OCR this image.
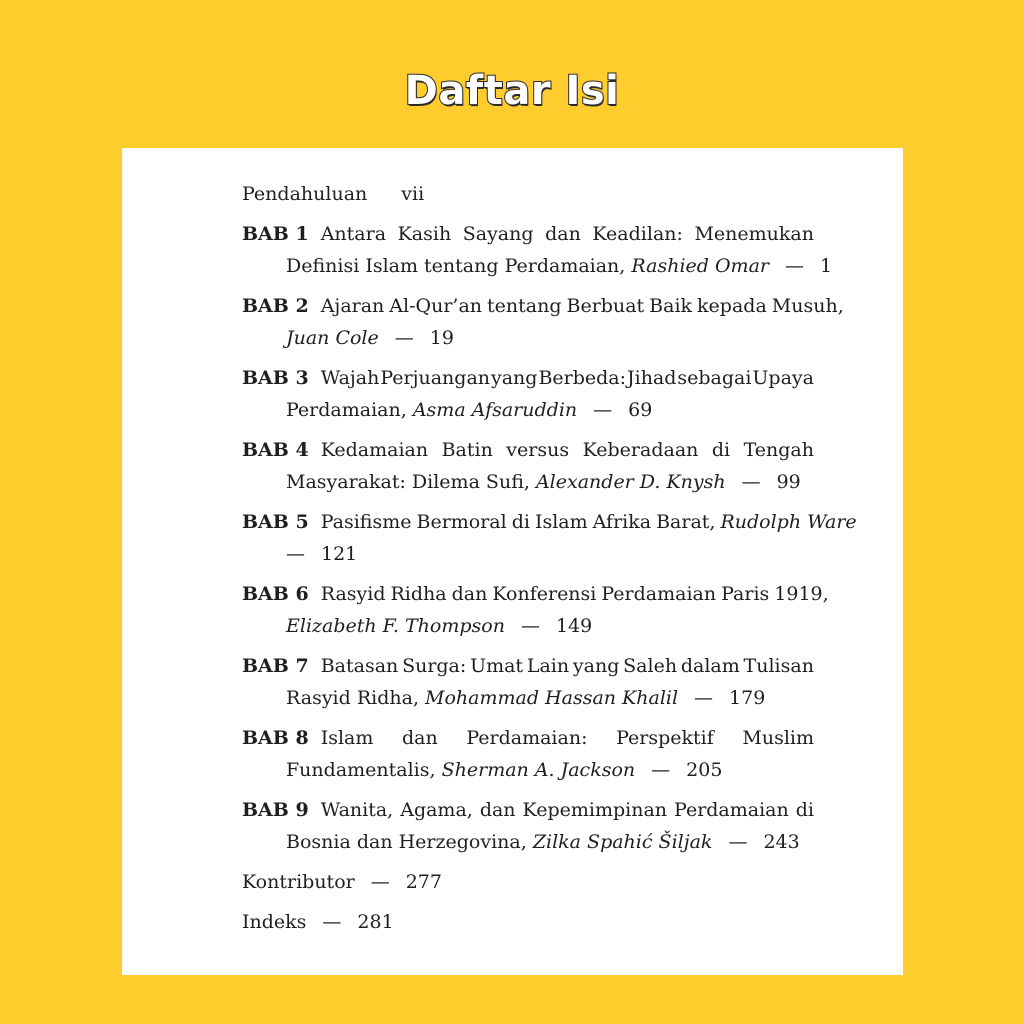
Daftar Isi
Pendahuluan vii
BAB 1 Antara Kasih Sayang dan Keadilan: Menemukan
Definisi Islam tentang Perdamaian, Rashied Omar — 1
BAB 2 Ajaran Al-Qur’an tentang Berbuat Baik kepada Musuh,
Juan Cole — 19
BAB 3 Wajah Perjuangan yang Berbeda: Jihad sebagai Upaya
Perdamaian, Asma Afsaruddin — 69
BAB 4 Kedamaian Batin versus Keberadaan di Tengah
Masyarakat: Dilema Sufi, Alexander D. Knysh — 99
BAB 5 Pasifisme Bermoral di Islam Afrika Barat, Rudolph Ware
— 121
BAB 6 Rasyid Ridha dan Konferensi Perdamaian Paris 1919,
Elizabeth F. Thompson — 149
BAB 7 Batasan Surga: Umat Lain yang Saleh dalam Tulisan
Rasyid Ridha, Mohammad Hassan Khalil — 179
BAB 8 Islam dan Perdamaian: Perspektif Muslim
Fundamentalis, Sherman A. Jackson — 205
BAB 9 Wanita, Agama, dan Kepemimpinan Perdamaian di
Bosnia dan Herzegovina, Zilka Spahić Šiljak — 243
Kontributor — 277
Indeks — 281
